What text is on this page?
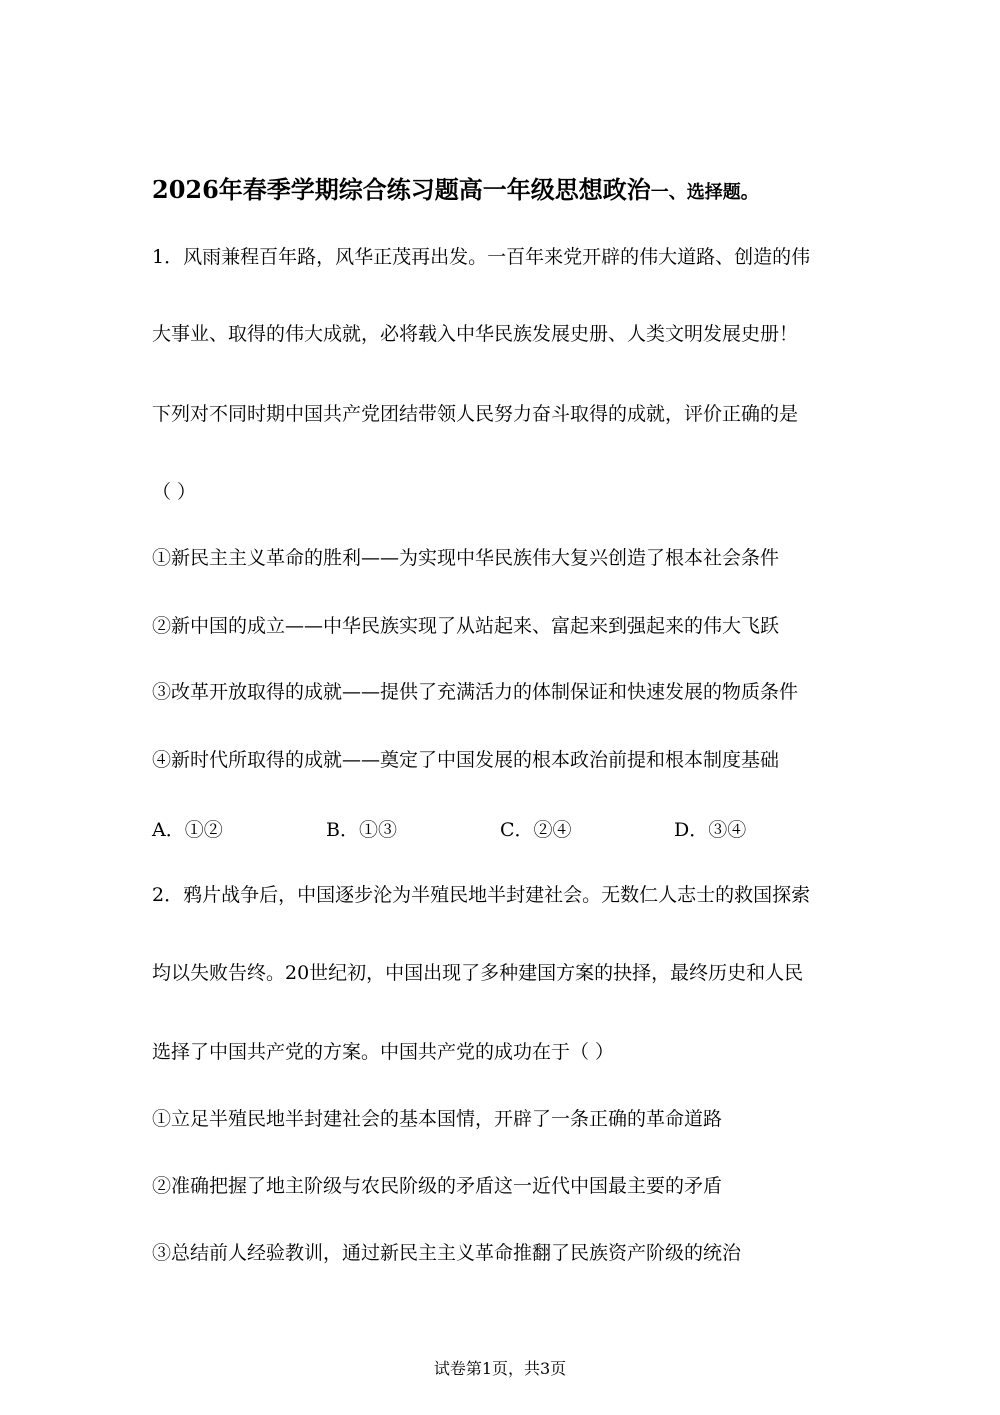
2026年春季学期综合练习题高一年级思想政治一、选择题。
1．风雨兼程百年路，风华正茂再出发。一百年来党开辟的伟大道路、创造的伟
大事业、取得的伟大成就，必将载入中华民族发展史册、人类文明发展史册！
下列对不同时期中国共产党团结带领人民努力奋斗取得的成就，评价正确的是
（ ）
①新民主主义革命的胜利——为实现中华民族伟大复兴创造了根本社会条件
②新中国的成立——中华民族实现了从站起来、富起来到强起来的伟大飞跃
③改革开放取得的成就——提供了充满活力的体制保证和快速发展的物质条件
④新时代所取得的成就——奠定了中国发展的根本政治前提和根本制度基础
A．①②	B．①③	C．②④	D．③④
2．鸦片战争后，中国逐步沦为半殖民地半封建社会。无数仁人志士的救国探索
均以失败告终。20世纪初，中国出现了多种建国方案的抉择，最终历史和人民
选择了中国共产党的方案。中国共产党的成功在于（ ）
①立足半殖民地半封建社会的基本国情，开辟了一条正确的革命道路
②准确把握了地主阶级与农民阶级的矛盾这一近代中国最主要的矛盾
③总结前人经验教训，通过新民主主义革命推翻了民族资产阶级的统治
试卷第1页，共3页
